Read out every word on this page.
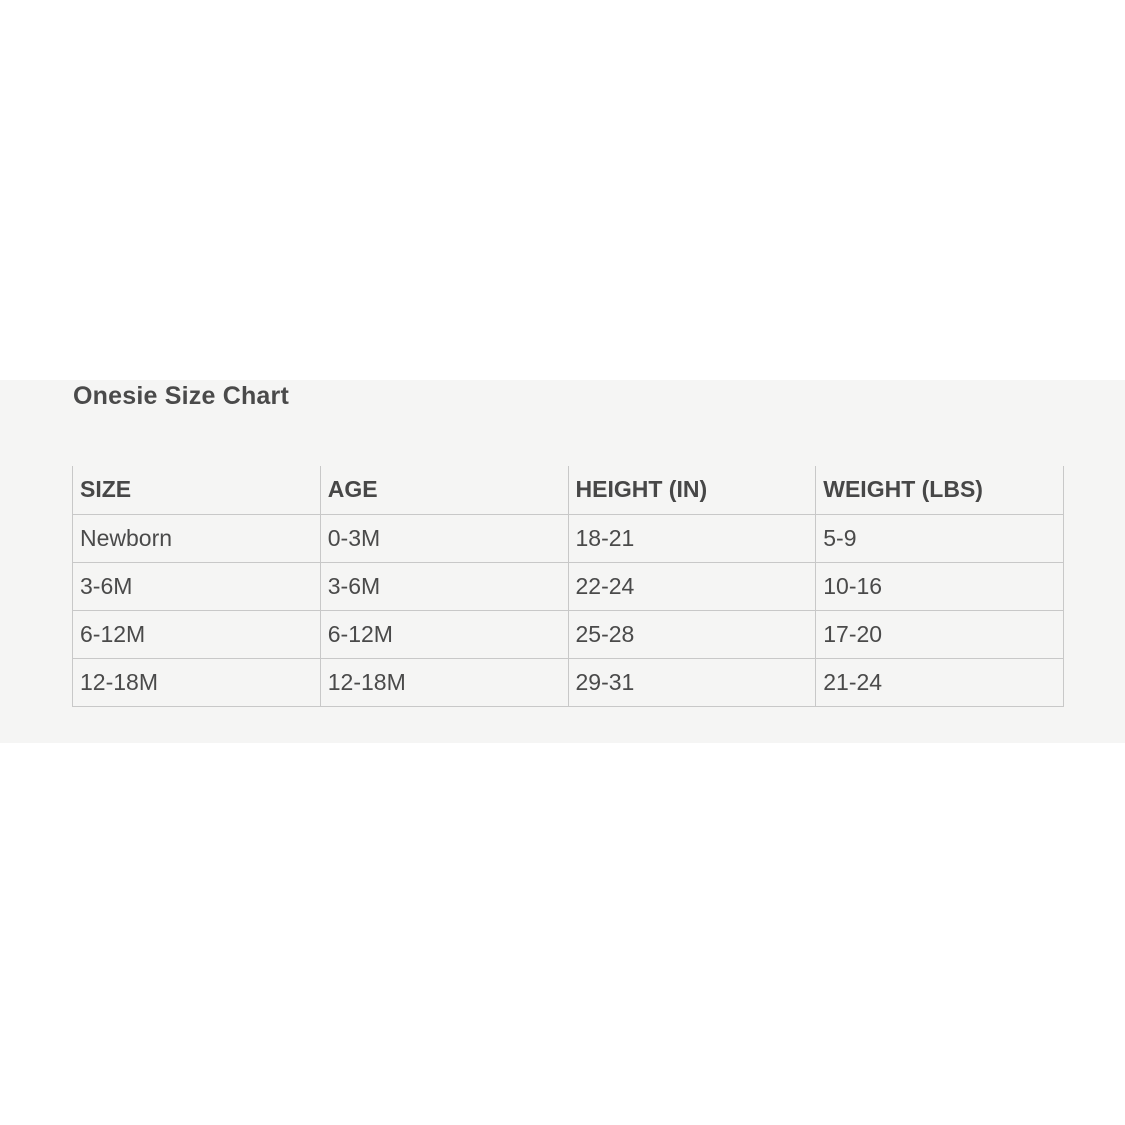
Onesie Size Chart
SIZE	AGE	HEIGHT (IN)	WEIGHT (LBS)
Newborn	0-3M	18-21	5-9
3-6M	3-6M	22-24	10-16
6-12M	6-12M	25-28	17-20
12-18M	12-18M	29-31	21-24
